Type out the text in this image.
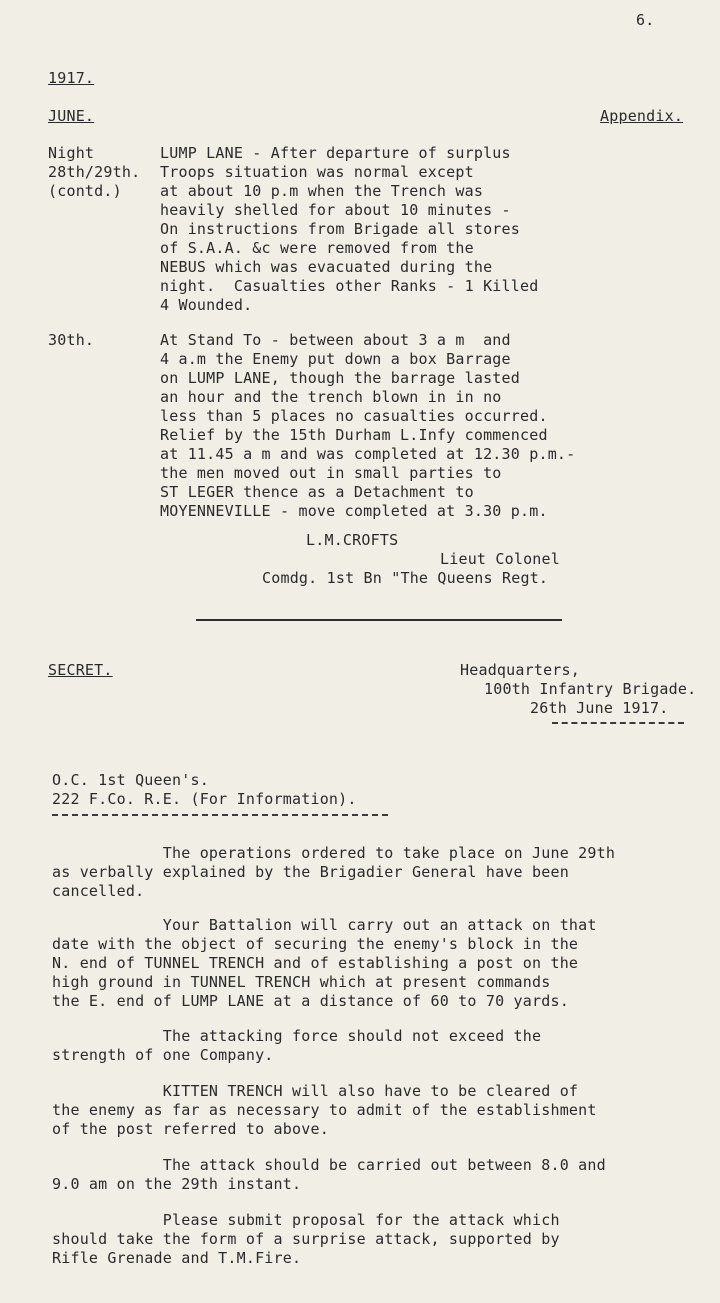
6.
1917.
JUNE.	Appendix.
Night
28th/29th.
(contd.)
LUMP LANE - After departure of surplus
Troops situation was normal except
at about 10 p.m when the Trench was
heavily shelled for about 10 minutes -
On instructions from Brigade all stores
of S.A.A. &c were removed from the
NEBUS which was evacuated during the
night.  Casualties other Ranks - 1 Killed
4 Wounded.
30th.	At Stand To - between about 3 a m  and
4 a.m the Enemy put down a box Barrage
on LUMP LANE, though the barrage lasted
an hour and the trench blown in in no
less than 5 places no casualties occurred.
Relief by the 15th Durham L.Infy commenced
at 11.45 a m and was completed at 12.30 p.m.-
the men moved out in small parties to
ST LEGER thence as a Detachment to
MOYENNEVILLE - move completed at 3.30 p.m.
L.M.CROFTS
Lieut Colonel
Comdg. 1st Bn "The Queens Regt.
SECRET.	Headquarters,
100th Infantry Brigade.
26th June 1917.
O.C. 1st Queen's.
222 F.Co. R.E. (For Information).
The operations ordered to take place on June 29th
as verbally explained by the Brigadier General have been
cancelled.
Your Battalion will carry out an attack on that
date with the object of securing the enemy's block in the
N. end of TUNNEL TRENCH and of establishing a post on the
high ground in TUNNEL TRENCH which at present commands
the E. end of LUMP LANE at a distance of 60 to 70 yards.
The attacking force should not exceed the
strength of one Company.
KITTEN TRENCH will also have to be cleared of
the enemy as far as necessary to admit of the establishment
of the post referred to above.
The attack should be carried out between 8.0 and
9.0 am on the 29th instant.
Please submit proposal for the attack which
should take the form of a surprise attack, supported by
Rifle Grenade and T.M.Fire.
